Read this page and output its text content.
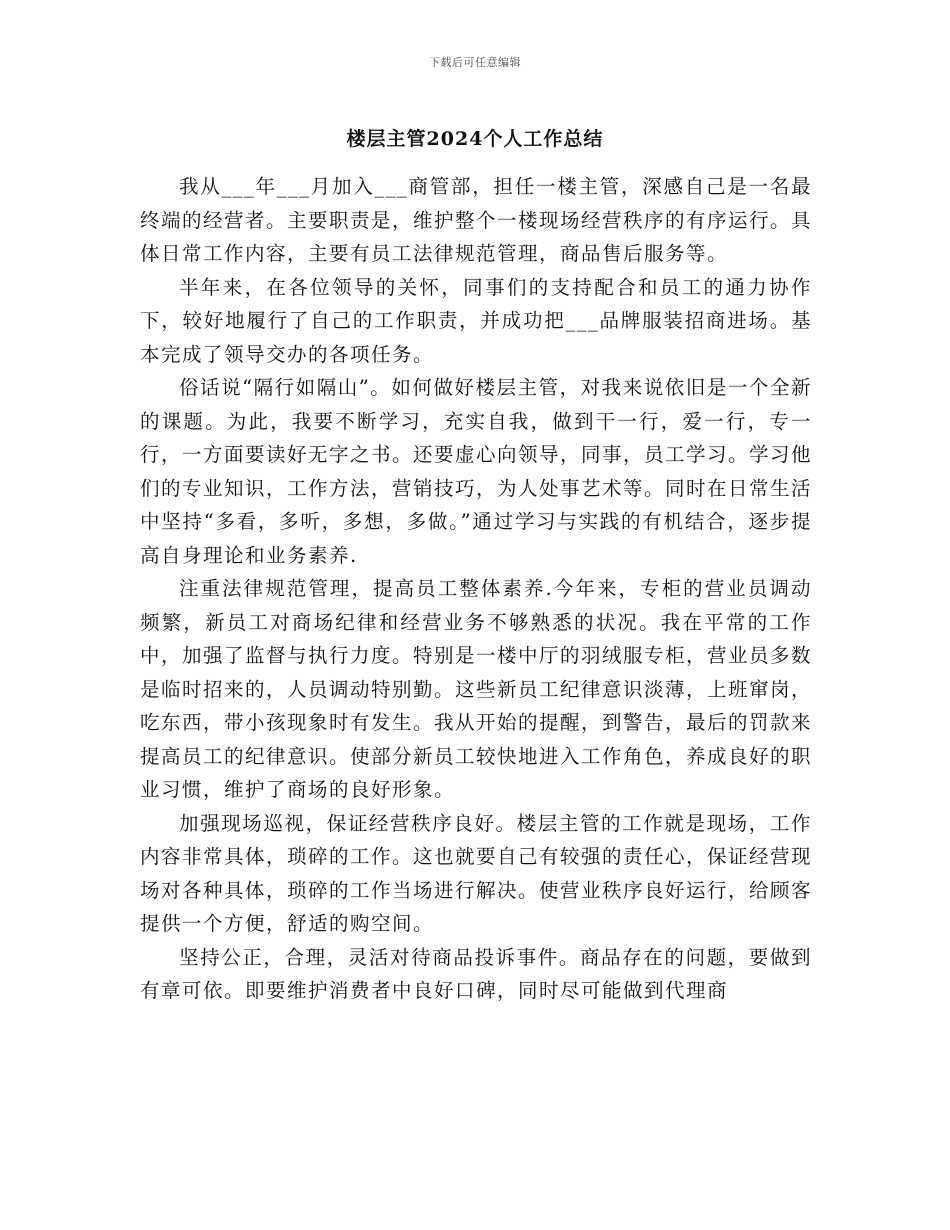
下载后可任意编辑
楼层主管2024个人工作总结

我从___年___月加入___商管部，担任一楼主管，深感自己是一名最终端的经营者。主要职责是，维护整个一楼现场经营秩序的有序运行。具体日常工作内容，主要有员工法律规范管理，商品售后服务等。

半年来，在各位领导的关怀，同事们的支持配合和员工的通力协作下，较好地履行了自己的工作职责，并成功把___品牌服装招商进场。基本完成了领导交办的各项任务。

俗话说“隔行如隔山”。如何做好楼层主管，对我来说依旧是一个全新的课题。为此，我要不断学习，充实自我，做到干一行，爱一行，专一行，一方面要读好无字之书。还要虚心向领导，同事，员工学习。学习他们的专业知识，工作方法，营销技巧，为人处事艺术等。同时在日常生活中坚持“多看，多听，多想，多做。”通过学习与实践的有机结合，逐步提高自身理论和业务素养.

注重法律规范管理，提高员工整体素养.今年来，专柜的营业员调动频繁，新员工对商场纪律和经营业务不够熟悉的状况。我在平常的工作中，加强了监督与执行力度。特别是一楼中厅的羽绒服专柜，营业员多数是临时招来的，人员调动特别勤。这些新员工纪律意识淡薄，上班窜岗，吃东西，带小孩现象时有发生。我从开始的提醒，到警告，最后的罚款来提高员工的纪律意识。使部分新员工较快地进入工作角色，养成良好的职业习惯，维护了商场的良好形象。

加强现场巡视，保证经营秩序良好。楼层主管的工作就是现场，工作内容非常具体，琐碎的工作。这也就要自己有较强的责任心，保证经营现场对各种具体，琐碎的工作当场进行解决。使营业秩序良好运行，给顾客提供一个方便，舒适的购空间。

坚持公正，合理，灵活对待商品投诉事件。商品存在的问题，要做到有章可依。即要维护消费者中良好口碑，同时尽可能做到代理商
